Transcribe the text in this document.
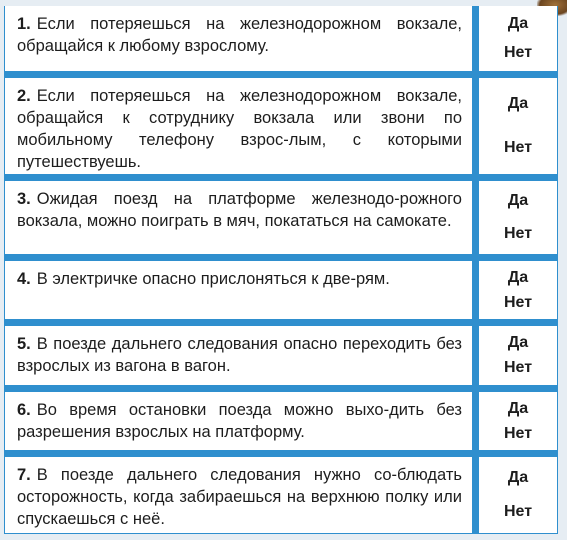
1. Если потеряешься на железнодорожном вокзале, обращайся к любому взрослому.
Да
Нет
2. Если потеряешься на железнодорожном вокзале, обращайся к сотруднику вокзала или звони по мобильному телефону взрос-лым, с которыми путешествуешь.
Да
Нет
3. Ожидая поезд на платформе железнодо-рожного вокзала, можно поиграть в мяч, покататься на самокате.
Да
Нет
4. В электричке опасно прислоняться к две-рям.	Да
Нет
5. В поезде дальнего следования опасно переходить без взрослых из вагона в вагон.
Да
Нет
6. Во время остановки поезда можно выхо-дить без разрешения взрослых на платформу.
Да
Нет
7. В поезде дальнего следования нужно со-блюдать осторожность, когда забираешься на верхнюю полку или спускаешься с неё.
Да
Нет
